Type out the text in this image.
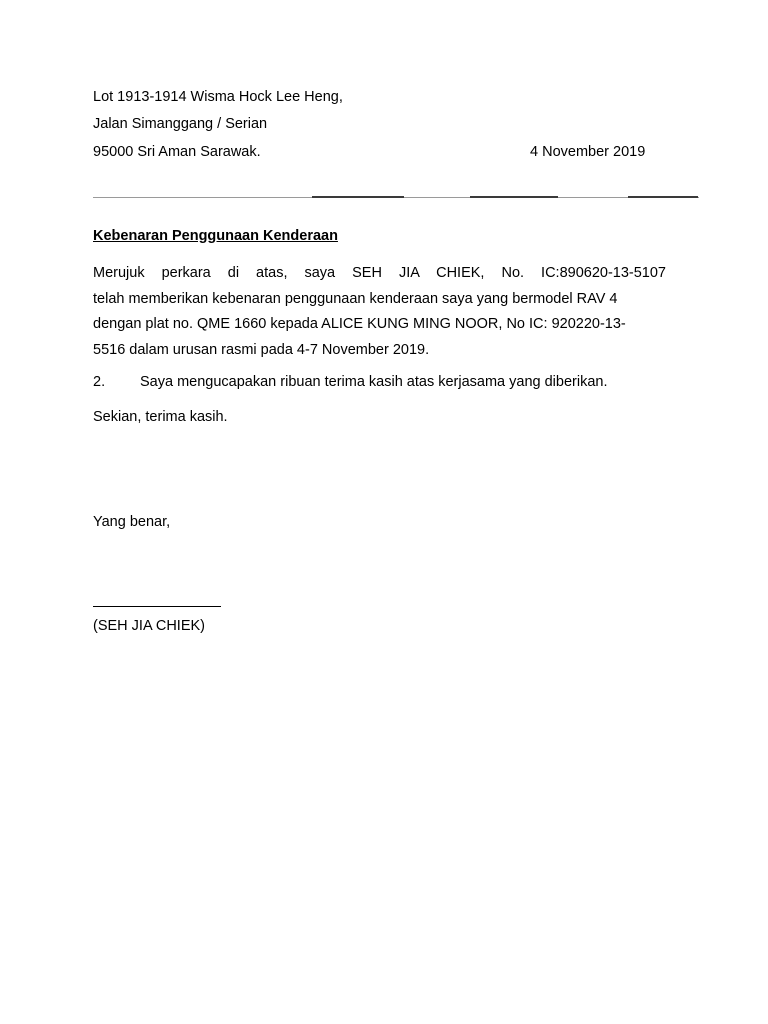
Lot 1913-1914 Wisma Hock Lee Heng,
Jalan Simanggang / Serian
95000 Sri Aman Sarawak.	4 November 2019
Kebenaran Penggunaan Kenderaan
Merujuk perkara di atas, saya SEH JIA CHIEK, No. IC:890620-13-5107
telah memberikan kebenaran penggunaan kenderaan saya yang bermodel RAV 4
dengan plat no. QME 1660 kepada ALICE KUNG MING NOOR, No IC: 920220-13-
5516 dalam urusan rasmi pada 4-7 November 2019.
2. Saya mengucapakan ribuan terima kasih atas kerjasama yang diberikan.
Sekian, terima kasih.
Yang benar,
(SEH JIA CHIEK)
